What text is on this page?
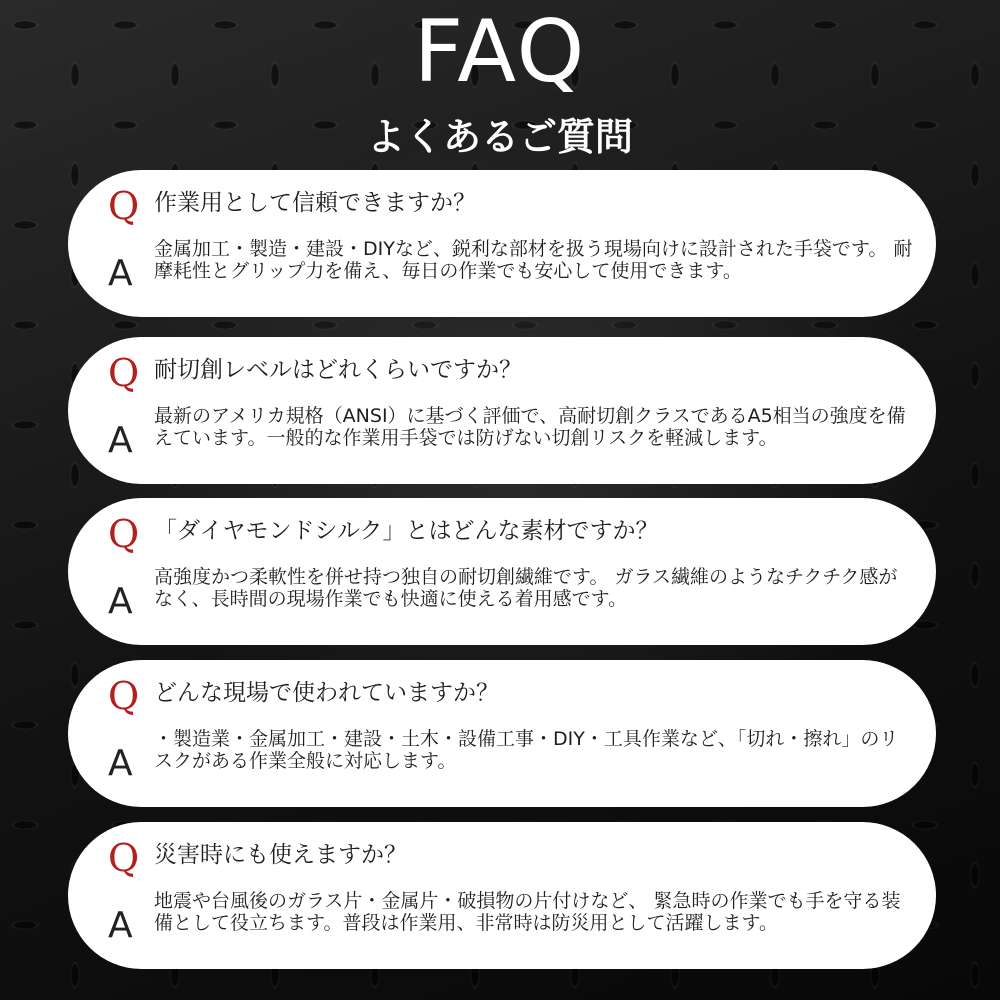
FAQ
よくあるご質問
Q 作業用として信頼できますか？
A
金属加工・製造・建設・DIYなど、鋭利な部材を扱う現場向けに設計された手袋です。 耐摩耗性とグリップ力を備え、毎日の作業でも安心して使用できます。
Q 耐切創レベルはどれくらいですか？
A
最新のアメリカ規格（ANSI）に基づく評価で、高耐切創クラスであるA5相当の強度を備えています。一般的な作業用手袋では防げない切創リスクを軽減します。
Q 「ダイヤモンドシルク」とはどんな素材ですか？
A
高強度かつ柔軟性を併せ持つ独自の耐切創繊維です。 ガラス繊維のようなチクチク感がなく、長時間の現場作業でも快適に使える着用感です。
Q どんな現場で使われていますか？
A
・製造業・金属加工・建設・土木・設備工事・DIY・工具作業など、「切れ・擦れ」のリスクがある作業全般に対応します。
Q 災害時にも使えますか？
A
地震や台風後のガラス片・金属片・破損物の片付けなど、 緊急時の作業でも手を守る装備として役立ちます。普段は作業用、非常時は防災用として活躍します。
